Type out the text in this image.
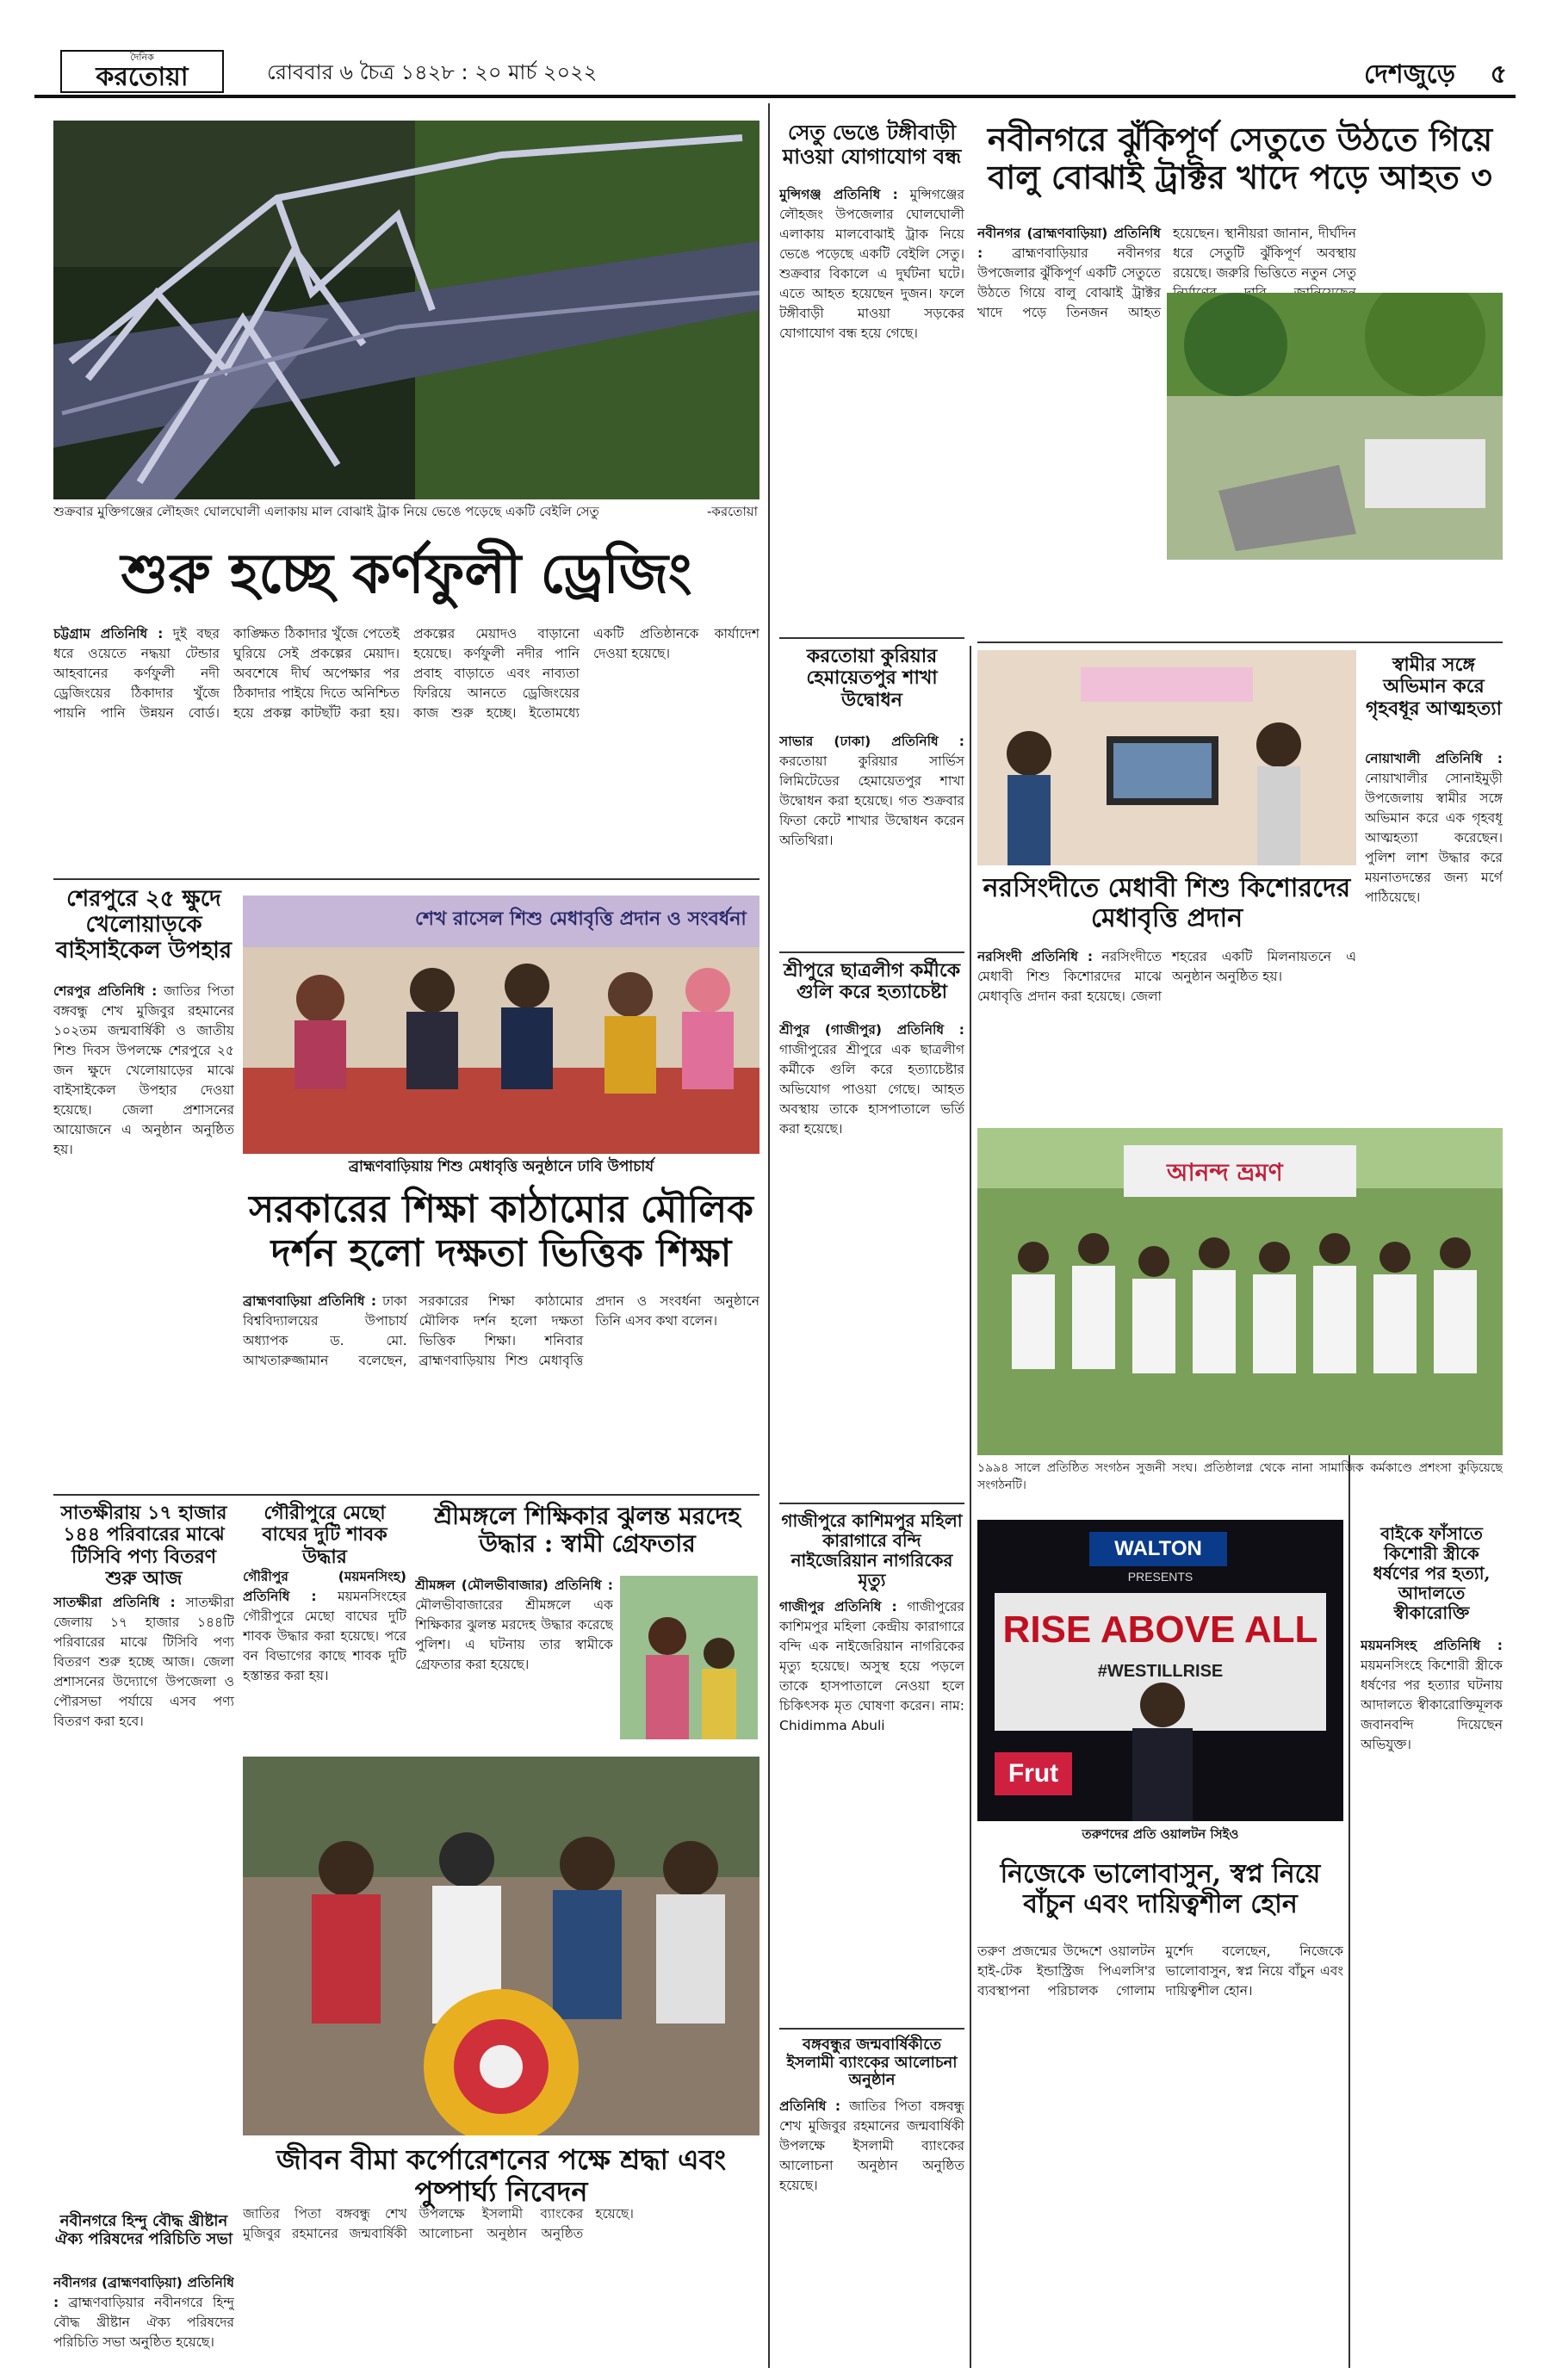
দৈনিক
করতোয়া	রোববার ৬ চৈত্র ১৪২৮ : ২০ মার্চ ২০২২	দেশজুড়ে ৫
শুক্রবার মুক্তিগঞ্জের লৌহজং ঘোলঘোলী এলাকায় মাল বোঝাই ট্রাক নিয়ে ভেঙে পড়েছে একটি বেইলি সেতু	-করতোয়া
শুরু হচ্ছে কর্ণফুলী ড্রেজিং
চট্টগ্রাম প্রতিনিধি : দুই বছর ধরে ওয়েতে নদ্ধয়া টেন্ডার আহবানের কর্ণফুলী নদী ড্রেজিংয়ের ঠিকাদার খুঁজে পায়নি পানি উন্নয়ন বোর্ড। কাঙ্ক্ষিত ঠিকাদার খুঁজে পেতেই ঘুরিয়ে সেই প্রকল্পের মেয়াদ। অবশেষে দীর্ঘ অপেক্ষার পর ঠিকাদার পাইয়ে দিতে অনিশ্চিত হয়ে প্রকল্প কাটছাঁট করা হয়। প্রকল্পের মেয়াদও বাড়ানো হয়েছে। কর্ণফুলী নদীর পানি প্রবাহ বাড়াতে এবং নাব্যতা ফিরিয়ে আনতে ড্রেজিংয়ের কাজ শুরু হচ্ছে। ইতোমধ্যে একটি প্রতিষ্ঠানকে কার্যাদেশ দেওয়া হয়েছে।
শেরপুরে ২৫ ক্ষুদে খেলোয়াড়কে বাইসাইকেল উপহার
শেরপুর প্রতিনিধি : জাতির পিতা বঙ্গবন্ধু শেখ মুজিবুর রহমানের ১০২তম জন্মবার্ষিকী ও জাতীয় শিশু দিবস উপলক্ষে শেরপুরে ২৫ জন ক্ষুদে খেলোয়াড়ের মাঝে বাইসাইকেল উপহার দেওয়া হয়েছে। জেলা প্রশাসনের আয়োজনে এ অনুষ্ঠান অনুষ্ঠিত হয়।
শেখ রাসেল শিশু মেধাবৃত্তি প্রদান ও সংবর্ধনা
ব্রাহ্মণবাড়িয়ায় শিশু মেধাবৃত্তি অনুষ্ঠানে ঢাবি উপাচার্য
সরকারের শিক্ষা কাঠামোর মৌলিক দর্শন হলো দক্ষতা ভিত্তিক শিক্ষা
ব্রাহ্মণবাড়িয়া প্রতিনিধি : ঢাকা বিশ্ববিদ্যালয়ের উপাচার্য অধ্যাপক ড. মো. আখতারুজ্জামান বলেছেন, সরকারের শিক্ষা কাঠামোর মৌলিক দর্শন হলো দক্ষতা ভিত্তিক শিক্ষা। শনিবার ব্রাহ্মণবাড়িয়ায় শিশু মেধাবৃত্তি প্রদান ও সংবর্ধনা অনুষ্ঠানে তিনি এসব কথা বলেন।
সাতক্ষীরায় ১৭ হাজার ১৪৪ পরিবারের মাঝে টিসিবি পণ্য বিতরণ শুরু আজ
সাতক্ষীরা প্রতিনিধি : সাতক্ষীরা জেলায় ১৭ হাজার ১৪৪টি পরিবারের মাঝে টিসিবি পণ্য বিতরণ শুরু হচ্ছে আজ। জেলা প্রশাসনের উদ্যোগে উপজেলা ও পৌরসভা পর্যায়ে এসব পণ্য বিতরণ করা হবে।
নবীনগরে হিন্দু বৌদ্ধ খ্রীষ্টান ঐক্য পরিষদের পরিচিতি সভা
নবীনগর (ব্রাহ্মণবাড়িয়া) প্রতিনিধি : ব্রাহ্মণবাড়িয়ার নবীনগরে হিন্দু বৌদ্ধ খ্রীষ্টান ঐক্য পরিষদের পরিচিতি সভা অনুষ্ঠিত হয়েছে।
গৌরীপুরে মেছো বাঘের দুটি শাবক উদ্ধার
গৌরীপুর (ময়মনসিংহ) প্রতিনিধি : ময়মনসিংহের গৌরীপুরে মেছো বাঘের দুটি শাবক উদ্ধার করা হয়েছে। পরে বন বিভাগের কাছে শাবক দুটি হস্তান্তর করা হয়।
শ্রীমঙ্গলে শিক্ষিকার ঝুলন্ত মরদেহ উদ্ধার : স্বামী গ্রেফতার
শ্রীমঙ্গল (মৌলভীবাজার) প্রতিনিধি : মৌলভীবাজারের শ্রীমঙ্গলে এক শিক্ষিকার ঝুলন্ত মরদেহ উদ্ধার করেছে পুলিশ। এ ঘটনায় তার স্বামীকে গ্রেফতার করা হয়েছে।
জীবন বীমা কর্পোরেশনের পক্ষে শ্রদ্ধা এবং পুষ্পার্ঘ্য নিবেদন
জাতির পিতা বঙ্গবন্ধু শেখ মুজিবুর রহমানের জন্মবার্ষিকী উপলক্ষে ইসলামী ব্যাংকের আলোচনা অনুষ্ঠান অনুষ্ঠিত হয়েছে।
সেতু ভেঙে টঙ্গীবাড়ী মাওয়া যোগাযোগ বন্ধ
মুন্সিগঞ্জ প্রতিনিধি : মুন্সিগঞ্জের লৌহজং উপজেলার ঘোলঘোলী এলাকায় মালবোঝাই ট্রাক নিয়ে ভেঙে পড়েছে একটি বেইলি সেতু। শুক্রবার বিকালে এ দুর্ঘটনা ঘটে। এতে আহত হয়েছেন দুজন। ফলে টঙ্গীবাড়ী মাওয়া সড়কের যোগাযোগ বন্ধ হয়ে গেছে।
করতোয়া কুরিয়ার হেমায়েতপুর শাখা উদ্বোধন
সাভার (ঢাকা) প্রতিনিধি : করতোয়া কুরিয়ার সার্ভিস লিমিটেডের হেমায়েতপুর শাখা উদ্বোধন করা হয়েছে। গত শুক্রবার ফিতা কেটে শাখার উদ্বোধন করেন অতিথিরা।
শ্রীপুরে ছাত্রলীগ কর্মীকে গুলি করে হত্যাচেষ্টা
শ্রীপুর (গাজীপুর) প্রতিনিধি : গাজীপুরের শ্রীপুরে এক ছাত্রলীগ কর্মীকে গুলি করে হত্যাচেষ্টার অভিযোগ পাওয়া গেছে। আহত অবস্থায় তাকে হাসপাতালে ভর্তি করা হয়েছে।
গাজীপুরে কাশিমপুর মহিলা কারাগারে বন্দি নাইজেরিয়ান নাগরিকের মৃত্যু
গাজীপুর প্রতিনিধি : গাজীপুরের কাশিমপুর মহিলা কেন্দ্রীয় কারাগারে বন্দি এক নাইজেরিয়ান নাগরিকের মৃত্যু হয়েছে। অসুস্থ হয়ে পড়লে তাকে হাসপাতালে নেওয়া হলে চিকিৎসক মৃত ঘোষণা করেন। নাম: Chidimma Abuli
বঙ্গবন্ধুর জন্মবার্ষিকীতে ইসলামী ব্যাংকের আলোচনা অনুষ্ঠান
প্রতিনিধি : জাতির পিতা বঙ্গবন্ধু শেখ মুজিবুর রহমানের জন্মবার্ষিকী উপলক্ষে ইসলামী ব্যাংকের আলোচনা অনুষ্ঠান অনুষ্ঠিত হয়েছে।
নবীনগরে ঝুঁকিপূর্ণ সেতুতে উঠতে গিয়ে বালু বোঝাই ট্রাক্টর খাদে পড়ে আহত ৩
নবীনগর (ব্রাহ্মণবাড়িয়া) প্রতিনিধি : ব্রাহ্মণবাড়িয়ার নবীনগর উপজেলার ঝুঁকিপূর্ণ একটি সেতুতে উঠতে গিয়ে বালু বোঝাই ট্রাক্টর খাদে পড়ে তিনজন আহত হয়েছেন। স্থানীয়রা জানান, দীর্ঘদিন ধরে সেতুটি ঝুঁকিপূর্ণ অবস্থায় রয়েছে। জরুরি ভিত্তিতে নতুন সেতু
স্বামীর সঙ্গে অভিমান করে গৃহবধূর আত্মহত্যা
নোয়াখালী প্রতিনিধি : নোয়াখালীর সোনাইমুড়ী উপজেলায় স্বামীর সঙ্গে অভিমান করে এক গৃহবধূ আত্মহত্যা করেছেন। পুলিশ লাশ উদ্ধার করে ময়নাতদন্তের জন্য মর্গে পাঠিয়েছে।
নরসিংদীতে মেধাবী শিশু কিশোরদের মেধাবৃত্তি প্রদান
নরসিংদী প্রতিনিধি : নরসিংদীতে মেধাবী শিশু কিশোরদের মাঝে মেধাবৃত্তি প্রদান করা হয়েছে। জেলা শহরের একটি মিলনায়তনে এ অনুষ্ঠান অনুষ্ঠিত হয়।
আনন্দ ভ্রমণ
১৯৯৪ সালে প্রতিষ্ঠিত সংগঠন সুজনী সংঘ। প্রতিষ্ঠালগ্ন থেকে নানা সামাজিক কর্মকাণ্ডে প্রশংসা কুড়িয়েছে সংগঠনটি।
WALTON
PRESENTS
RISE ABOVE ALL
#WESTILLRISE
Frut
তরুণদের প্রতি ওয়ালটন সিইও
নিজেকে ভালোবাসুন, স্বপ্ন নিয়ে বাঁচুন এবং দায়িত্বশীল হোন
তরুণ প্রজন্মের উদ্দেশে ওয়ালটন হাই-টেক ইন্ডাস্ট্রিজ পিএলসি'র ব্যবস্থাপনা পরিচালক গোলাম মুর্শেদ বলেছেন, নিজেকে ভালোবাসুন, স্বপ্ন নিয়ে বাঁচুন এবং দায়িত্বশীল হোন।
বাইকে ফাঁসাতে কিশোরী স্ত্রীকে ধর্ষণের পর হত্যা, আদালতে স্বীকারোক্তি
ময়মনসিংহ প্রতিনিধি : ময়মনসিংহে কিশোরী স্ত্রীকে ধর্ষণের পর হত্যার ঘটনায় আদালতে স্বীকারোক্তিমূলক জবানবন্দি দিয়েছেন অভিযুক্ত।
